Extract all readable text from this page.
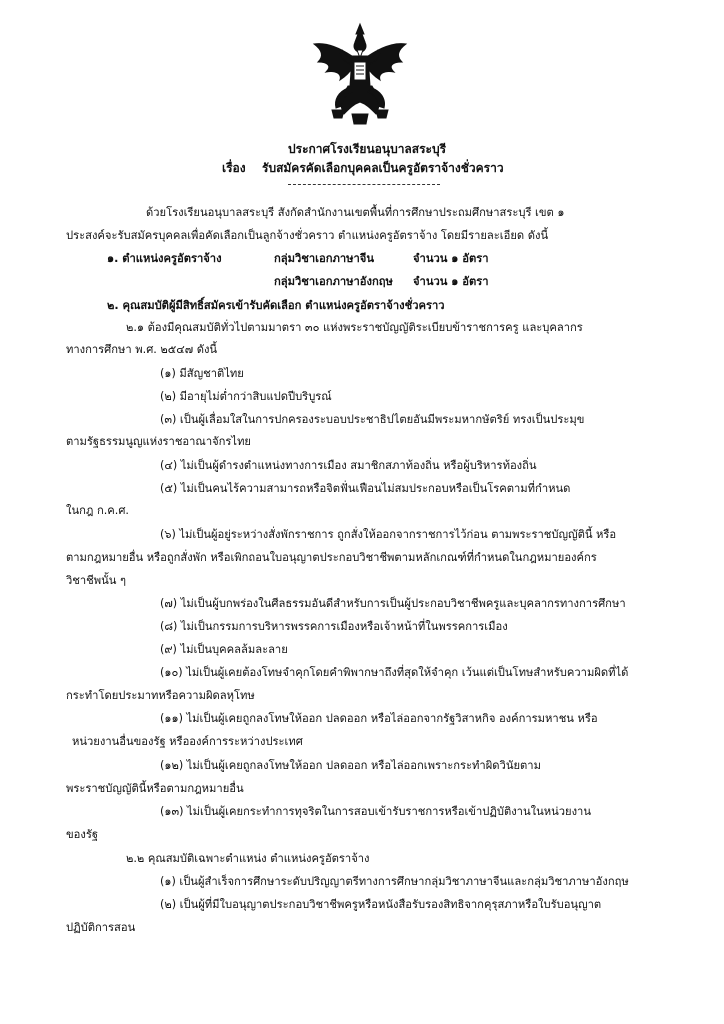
ประกาศโรงเรียนอนุบาลสระบุรี
เรื่อง รับสมัครคัดเลือกบุคคลเป็นครูอัตราจ้างชั่วคราว
ด้วยโรงเรียนอนุบาลสระบุรี สังกัดสำนักงานเขตพื้นที่การศึกษาประถมศึกษาสระบุรี เขต ๑
ประสงค์จะรับสมัครบุคคลเพื่อคัดเลือกเป็นลูกจ้างชั่วคราว ตำแหน่งครูอัตราจ้าง โดยมีรายละเอียด ดังนี้
๑. ตำแหน่งครูอัตราจ้าง	กลุ่มวิชาเอกภาษาจีน	จำนวน ๑ อัตรา
กลุ่มวิชาเอกภาษาอังกฤษ จำนวน ๑ อัตรา
๒. คุณสมบัติผู้มีสิทธิ์สมัครเข้ารับคัดเลือก ตำแหน่งครูอัตราจ้างชั่วคราว
๒.๑ ต้องมีคุณสมบัติทั่วไปตามมาตรา ๓๐ แห่งพระราชบัญญัติระเบียบข้าราชการครู และบุคลากร
ทางการศึกษา พ.ศ. ๒๕๔๗ ดังนี้
(๑) มีสัญชาติไทย
(๒) มีอายุไม่ต่ำกว่าสิบแปดปีบริบูรณ์
(๓) เป็นผู้เลื่อมใสในการปกครองระบอบประชาธิปไตยอันมีพระมหากษัตริย์ ทรงเป็นประมุข
ตามรัฐธรรมนูญแห่งราชอาณาจักรไทย
(๔) ไม่เป็นผู้ดำรงตำแหน่งทางการเมือง สมาชิกสภาท้องถิ่น หรือผู้บริหารท้องถิ่น
(๕) ไม่เป็นคนไร้ความสามารถหรือจิตฟั่นเฟือนไม่สมประกอบหรือเป็นโรคตามที่กำหนด
ในกฎ ก.ค.ศ.
(๖) ไม่เป็นผู้อยู่ระหว่างสั่งพักราชการ ถูกสั่งให้ออกจากราชการไว้ก่อน ตามพระราชบัญญัตินี้ หรือ
ตามกฎหมายอื่น หรือถูกสั่งพัก หรือเพิกถอนใบอนุญาตประกอบวิชาชีพตามหลักเกณฑ์ที่กำหนดในกฎหมายองค์กร
วิชาชีพนั้น ๆ
(๗) ไม่เป็นผู้บกพร่องในศีลธรรมอันดีสำหรับการเป็นผู้ประกอบวิชาชีพครูและบุคลากรทางการศึกษา
(๘) ไม่เป็นกรรมการบริหารพรรคการเมืองหรือเจ้าหน้าที่ในพรรคการเมือง
(๙) ไม่เป็นบุคคลล้มละลาย
(๑๐) ไม่เป็นผู้เคยต้องโทษจำคุกโดยคำพิพากษาถึงที่สุดให้จำคุก เว้นแต่เป็นโทษสำหรับความผิดที่ได้
กระทำโดยประมาทหรือความผิดลหุโทษ
(๑๑) ไม่เป็นผู้เคยถูกลงโทษให้ออก ปลดออก หรือไล่ออกจากรัฐวิสาหกิจ องค์การมหาชน หรือ
หน่วยงานอื่นของรัฐ หรือองค์การระหว่างประเทศ
(๑๒) ไม่เป็นผู้เคยถูกลงโทษให้ออก ปลดออก หรือไล่ออกเพราะกระทำผิดวินัยตาม
พระราชบัญญัตินี้หรือตามกฎหมายอื่น
(๑๓) ไม่เป็นผู้เคยกระทำการทุจริตในการสอบเข้ารับราชการหรือเข้าปฏิบัติงานในหน่วยงาน
ของรัฐ
๒.๒ คุณสมบัติเฉพาะตำแหน่ง ตำแหน่งครูอัตราจ้าง
(๑) เป็นผู้สำเร็จการศึกษาระดับปริญญาตรีทางการศึกษากลุ่มวิชาภาษาจีนและกลุ่มวิชาภาษาอังกฤษ
(๒) เป็นผู้ที่มีใบอนุญาตประกอบวิชาชีพครูหรือหนังสือรับรองสิทธิจากคุรุสภาหรือใบรับอนุญาต
ปฏิบัติการสอน
